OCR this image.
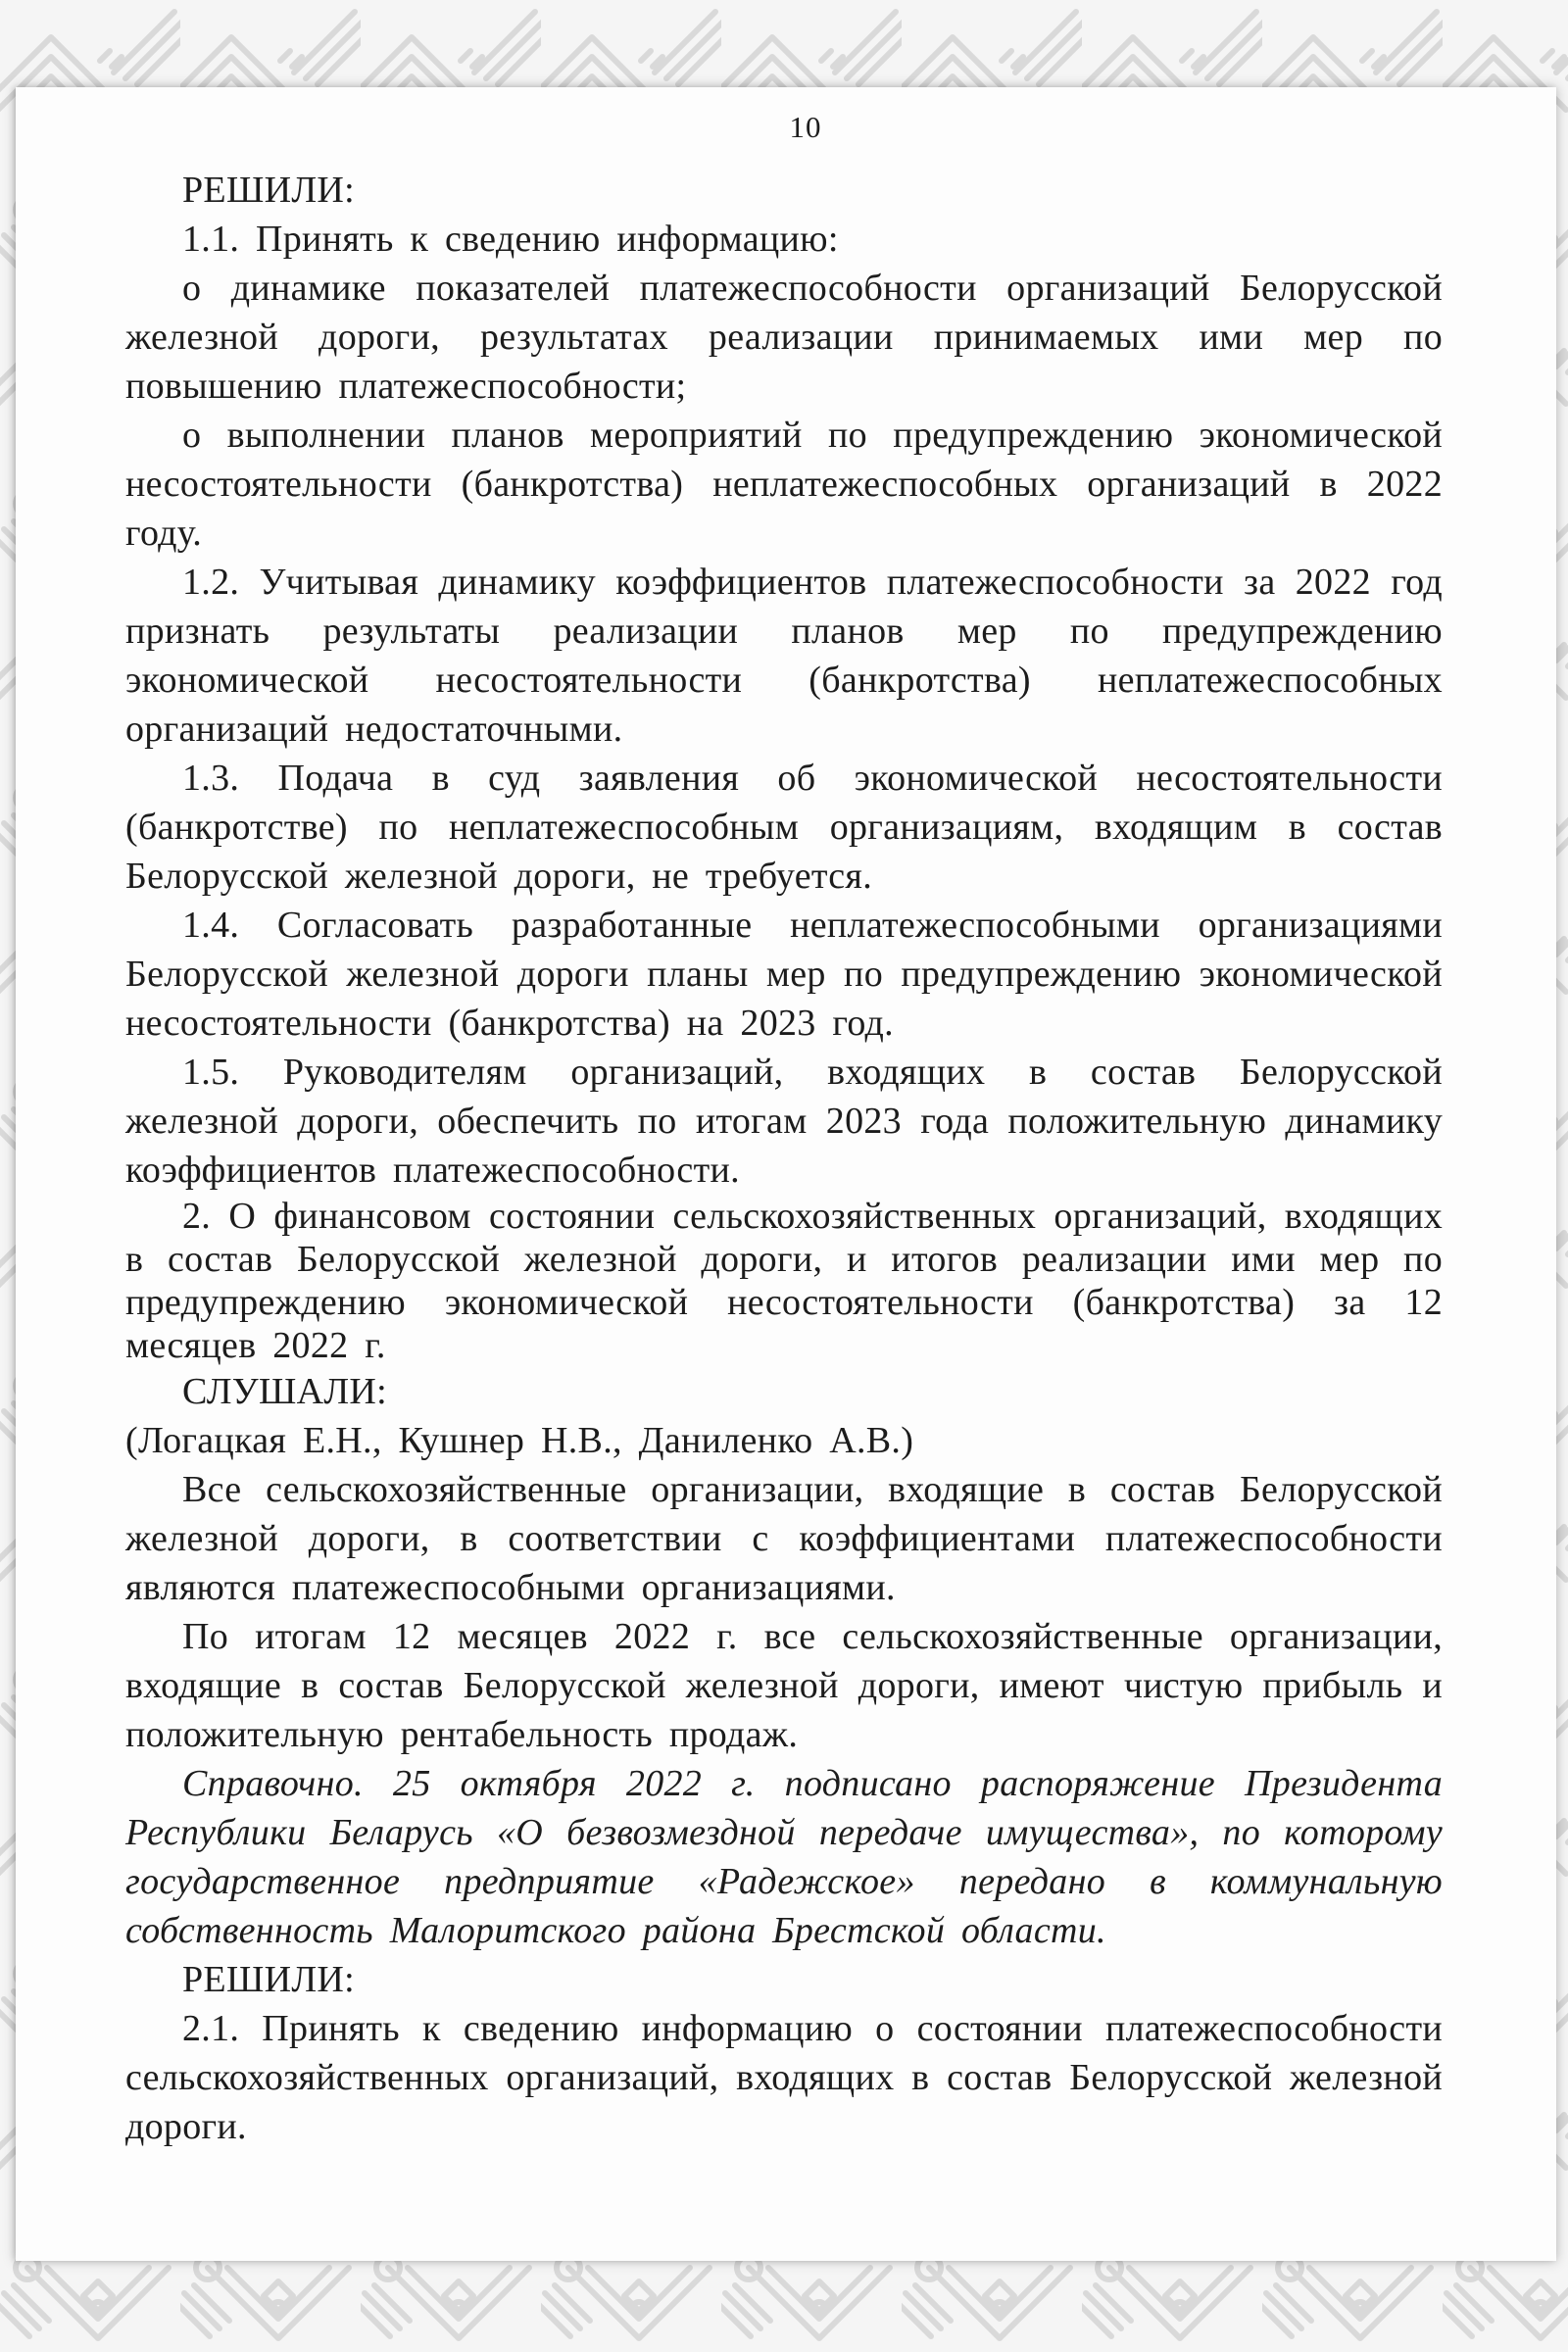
10

РЕШИЛИ:

1.1. Принять к сведению информацию:

о динамике показателей платежеспособности организаций Белорусской железной дороги, результатах реализации принимаемых ими мер по повышению платежеспособности;

о выполнении планов мероприятий по предупреждению экономической несостоятельности (банкротства) неплатежеспособных организаций в 2022 году.

1.2. Учитывая динамику коэффициентов платежеспособности за 2022 год признать результаты реализации планов мер по предупреждению экономической несостоятельности (банкротства) неплатежеспособных организаций недостаточными.

1.3. Подача в суд заявления об экономической несостоятельности (банкротстве) по неплатежеспособным организациям, входящим в состав Белорусской железной дороги, не требуется.

1.4. Согласовать разработанные неплатежеспособными организациями Белорусской железной дороги планы мер по предупреждению экономической несостоятельности (банкротства) на 2023 год.

1.5. Руководителям организаций, входящих в состав Белорусской железной дороги, обеспечить по итогам 2023 года положительную динамику коэффициентов платежеспособности.

2. О финансовом состоянии сельскохозяйственных организаций, входящих в состав Белорусской железной дороги, и итогов реализации ими мер по предупреждению экономической несостоятельности (банкротства) за 12 месяцев 2022 г.

СЛУШАЛИ:

(Логацкая Е.Н., Кушнер Н.В., Даниленко А.В.)

Все сельскохозяйственные организации, входящие в состав Белорусской железной дороги, в соответствии с коэффициентами платежеспособности являются платежеспособными организациями.

По итогам 12 месяцев 2022 г. все сельскохозяйственные организации, входящие в состав Белорусской железной дороги, имеют чистую прибыль и положительную рентабельность продаж.

Справочно. 25 октября 2022 г. подписано распоряжение Президента Республики Беларусь «О безвозмездной передаче имущества», по которому государственное предприятие «Радежское» передано в коммунальную собственность Малоритского района Брестской области.

РЕШИЛИ:

2.1. Принять к сведению информацию о состоянии платежеспособности сельскохозяйственных организаций, входящих в состав Белорусской железной дороги.
